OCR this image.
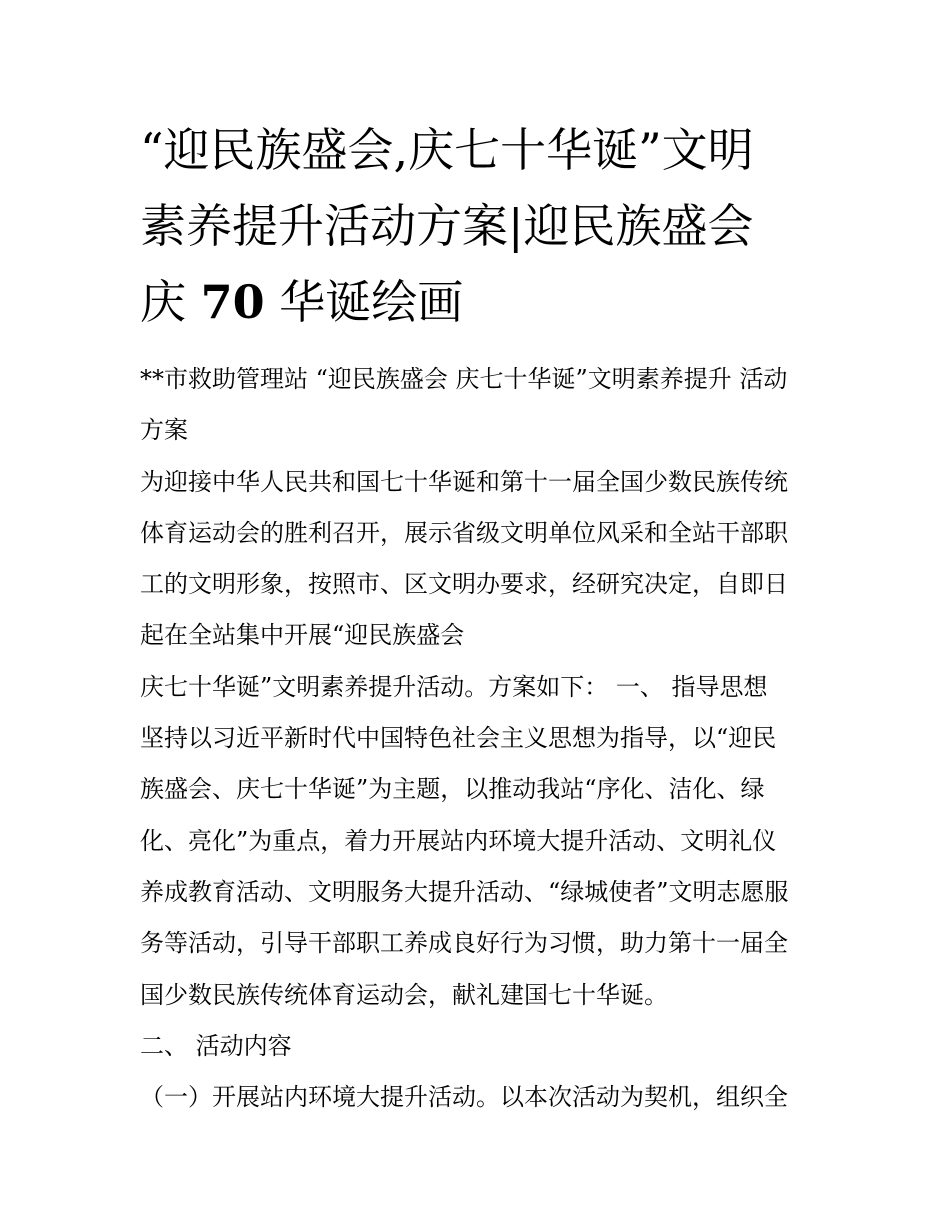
“迎民族盛会,庆七十华诞”文明
素养提升活动方案|迎民族盛会
庆 70 华诞绘画
**市救助管理站 “迎民族盛会 庆七十华诞”文明素养提升 活动
方案
为迎接中华人民共和国七十华诞和第十一届全国少数民族传统
体育运动会的胜利召开，展示省级文明单位风采和全站干部职
工的文明形象，按照市、区文明办要求，经研究决定，自即日
起在全站集中开展“迎民族盛会
庆七十华诞”文明素养提升活动。方案如下： 一、 指导思想
坚持以习近平新时代中国特色社会主义思想为指导，以“迎民
族盛会、庆七十华诞”为主题，以推动我站“序化、洁化、绿
化、亮化”为重点，着力开展站内环境大提升活动、文明礼仪
养成教育活动、文明服务大提升活动、“绿城使者”文明志愿服
务等活动，引导干部职工养成良好行为习惯，助力第十一届全
国少数民族传统体育运动会，献礼建国七十华诞。
二、 活动内容
（一）开展站内环境大提升活动。以本次活动为契机，组织全
